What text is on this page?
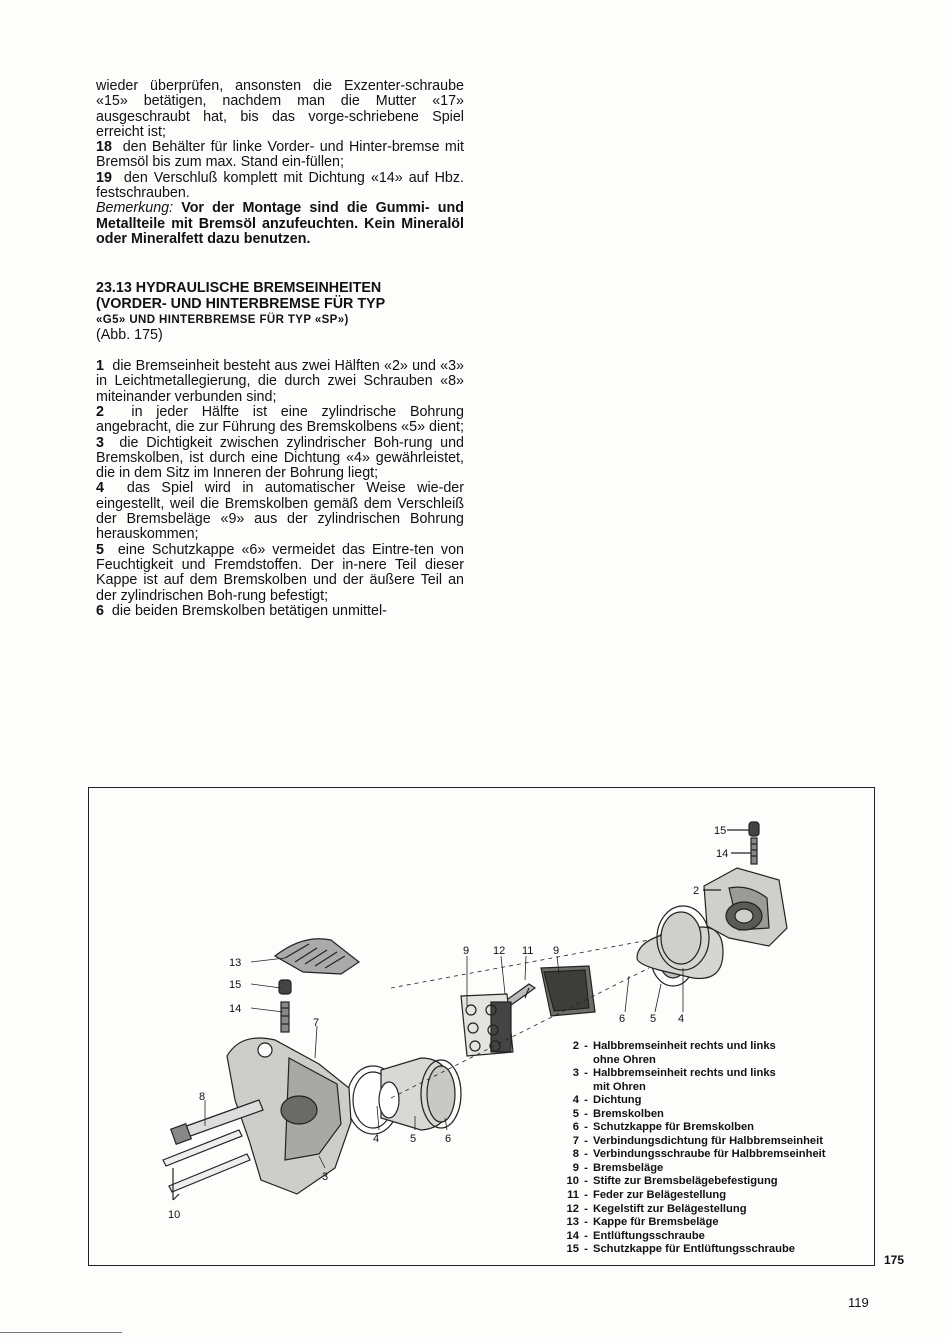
wieder überprüfen, ansonsten die Exzenter-schraube «15» betätigen, nachdem man die Mutter «17» ausgeschraubt hat, bis das vorge-schriebene Spiel erreicht ist;

18 den Behälter für linke Vorder- und Hinter-bremse mit Bremsöl bis zum max. Stand ein-füllen;

19 den Verschluß komplett mit Dichtung «14» auf Hbz. festschrauben.

Bemerkung: Vor der Montage sind die Gummi- und Metallteile mit Bremsöl anzufeuchten. Kein Mineralöl oder Mineralfett dazu benutzen.

23.13 HYDRAULISCHE BREMSEINHEITEN
(VORDER- UND HINTERBREMSE FÜR TYP
«G5» UND HINTERBREMSE FÜR TYP «SP»)

(Abb. 175)

1 die Bremseinheit besteht aus zwei Hälften «2» und «3» in Leichtmetallegierung, die durch zwei Schrauben «8» miteinander verbunden sind;

2 in jeder Hälfte ist eine zylindrische Bohrung angebracht, die zur Führung des Bremskolbens «5» dient;

3 die Dichtigkeit zwischen zylindrischer Boh-rung und Bremskolben, ist durch eine Dichtung «4» gewährleistet, die in dem Sitz im Inneren der Bohrung liegt;

4 das Spiel wird in automatischer Weise wie-der eingestellt, weil die Bremskolben gemäß dem Verschleiß der Bremsbeläge «9» aus der zylindrischen Bohrung herauskommen;

5 eine Schutzkappe «6» vermeidet das Eintre-ten von Feuchtigkeit und Fremdstoffen. Der in-nere Teil dieser Kappe ist auf dem Bremskolben und der äußere Teil an der zylindrischen Boh-rung befestigt;

6 die beiden Bremskolben betätigen unmittel-

15
14
2
9 12 11 9
6 5 4
13
15
14
7
8
4	5	6
3
10
2 - Halbbremseinheit rechts und links
ohne Ohren
3 - Halbbremseinheit rechts und links
mit Ohren
4 - Dichtung
5 - Bremskolben
6 - Schutzkappe für Bremskolben
7 - Verbindungsdichtung für Halbbremseinheit
8 - Verbindungsschraube für Halbbremseinheit
9 - Bremsbeläge
10 - Stifte zur Bremsbelägebefestigung
11 - Feder zur Belägestellung
12 - Kegelstift zur Belägestellung
13 - Kappe für Bremsbeläge
14 - Entlüftungsschraube
15 - Schutzkappe für Entlüftungsschraube
175
119
